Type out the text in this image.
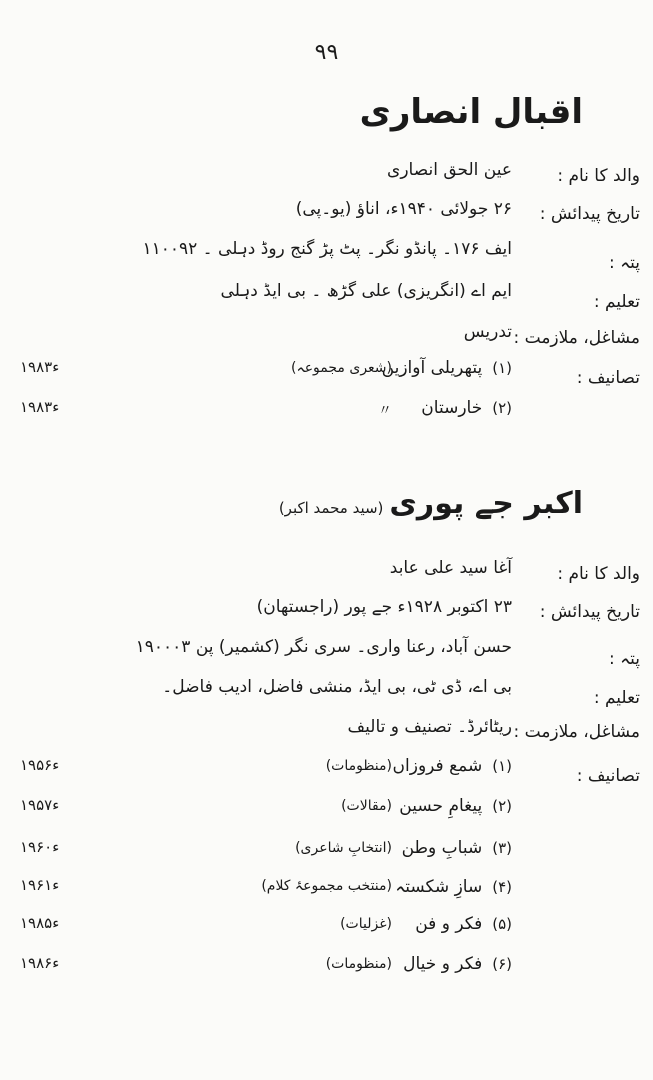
۹۹
اقبال انصاری
والد کا نام :
عین الحق انصاری
تاریخ پیدائش :
۲۶ جولائی ۱۹۴۰ء، اناؤ (یو۔پی)
پتہ :
ایف ۱۷۶۔ پانڈو نگر۔ پٹ پڑ گنج روڈ دہلی ۔ ۱۱۰۰۹۲
تعلیم :
ایم اے (انگریزی) علی گڑھ ۔ بی ایڈ دہلی
مشاغل، ملازمت :
تدریس
تصانیف :
(۱)پتھریلی آوازیں
(شعری مجموعہ)
۱۹۸۳ء
(۲)خارستان
〃
۱۹۸۳ء
اکبر جے پوری(سید محمد اکبر)
والد کا نام :
آغا سید علی عابد
تاریخ پیدائش :
۲۳ اکتوبر ۱۹۲۸ء جے پور (راجستھان)
پتہ :
حسن آباد، رعنا واری۔ سری نگر (کشمیر) پن ۱۹۰۰۰۳
تعلیم :
بی اے، ڈی ٹی، بی ایڈ، منشی فاضل، ادیب فاضل۔
مشاغل، ملازمت :
ریٹائرڈ۔ تصنیف و تالیف
تصانیف :
(۱)شمع فروزاں
(منظومات)
۱۹۵۶ء
(۲)پیغامِ حسین
(مقالات)
۱۹۵۷ء
(۳)شبابِ وطن
(انتخابِ شاعری)
۱۹۶۰ء
(۴)سازِ شکستہ
(منتخب مجموعۂ کلام)
۱۹۶۱ء
(۵)فکر و فن
(غزلیات)
۱۹۸۵ء
(۶)فکر و خیال
(منظومات)
۱۹۸۶ء
